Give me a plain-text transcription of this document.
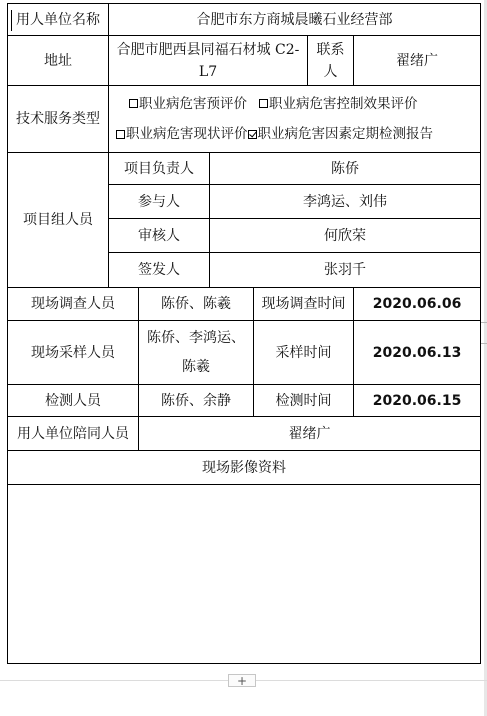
用人单位名称	合肥市东方商城晨曦石业经营部					
地址	合肥市肥西县同福石材城 C2-L7				联系人	翟绪广
技术服务类型	职业病危害预评价 职业病危害控制效果评价
职业病危害现状评价 职业病危害因素定期检测报告					

项目组人员	项目负责人		陈侨			
	参与人		李鸿运、刘伟			
	审核人		何欣荣			
	签发人		张羽千			
现场调查人员		陈侨、陈羲		现场调查时间		2020.06.06
现场采样人员		陈侨、李鸿运、陈羲		采样时间		2020.06.13
检测人员		陈侨、余静		检测时间		2020.06.15
用人单位陪同人员		翟绪广				
现场影像资料						

+
